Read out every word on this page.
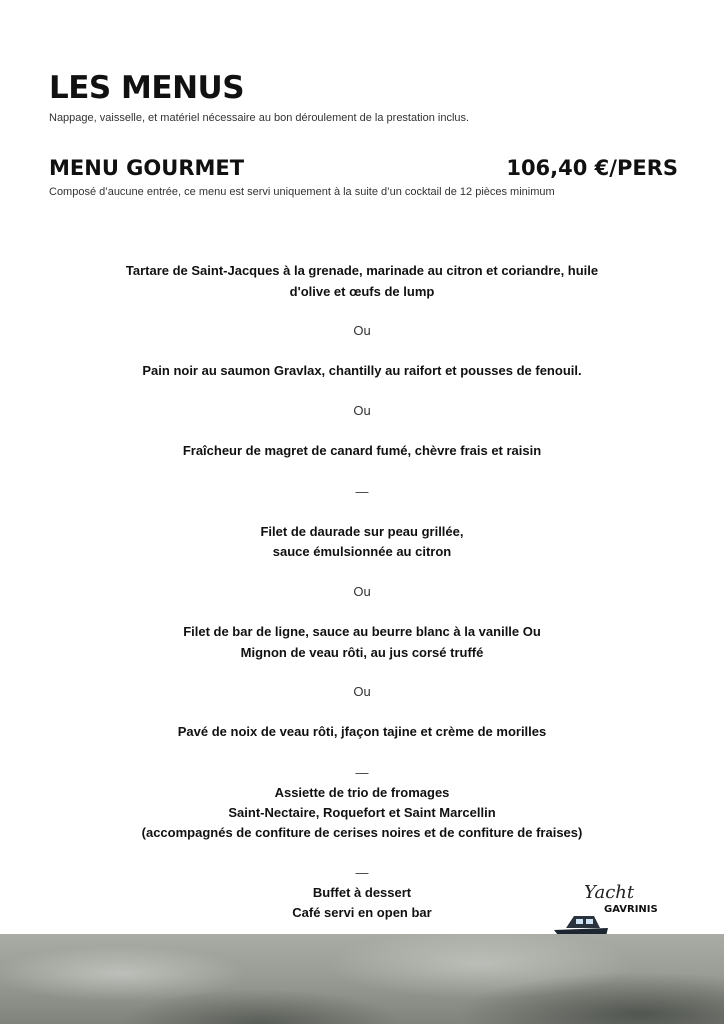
LES MENUS
Nappage, vaisselle, et matériel nécessaire au bon déroulement de la prestation inclus.
MENU GOURMET	106,40 €/PERS
Composé d’aucune entrée, ce menu est servi uniquement à la suite d’un cocktail de 12 pièces minimum
Tartare de Saint-Jacques à la grenade, marinade au citron et coriandre, huile
d'olive et œufs de lump
Ou
Pain noir au saumon Gravlax, chantilly au raifort et pousses de fenouil.
Ou
Fraîcheur de magret de canard fumé, chèvre frais et raisin
—
Filet de daurade sur peau grillée,
sauce émulsionnée au citron
Ou
Filet de bar de ligne, sauce au beurre blanc à la vanille Ou
Mignon de veau rôti, au jus corsé truffé
Ou
Pavé de noix de veau rôti, jfaçon tajine et crème de morilles
—
Assiette de trio de fromages
Saint-Nectaire, Roquefort et Saint Marcellin
(accompagnés de confiture de cerises noires et de confiture de fraises)
—
Buffet à dessert
Café servi en open bar
Yacht
GAVRINIS
